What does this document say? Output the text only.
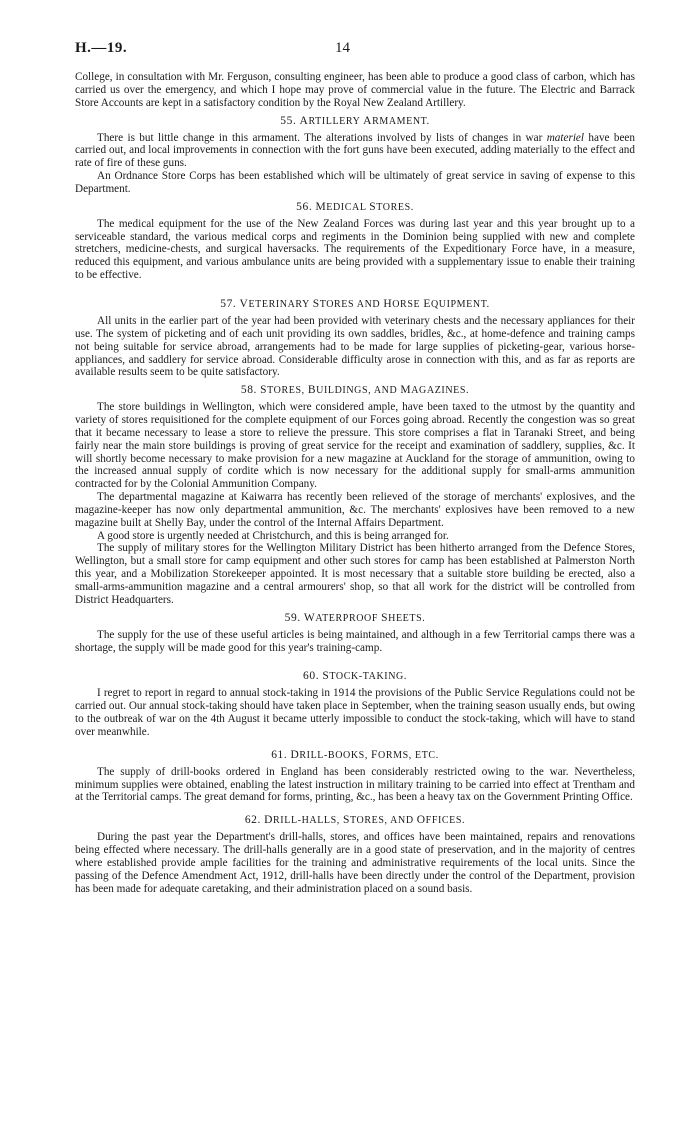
H.—19.	14

College, in consultation with Mr. Ferguson, consulting engineer, has been able to produce a good class of carbon, which has carried us over the emergency, and which I hope may prove of commercial value in the future. The Electric and Barrack Store Accounts are kept in a satisfactory condition by the Royal New Zealand Artillery.

55. ARTILLERY ARMAMENT.

There is but little change in this armament. The alterations involved by lists of changes in war materiel have been carried out, and local improvements in connection with the fort guns have been executed, adding materially to the effect and rate of fire of these guns.

An Ordnance Store Corps has been established which will be ultimately of great service in saving of expense to this Department.

56. MEDICAL STORES.

The medical equipment for the use of the New Zealand Forces was during last year and this year brought up to a serviceable standard, the various medical corps and regiments in the Dominion being supplied with new and complete stretchers, medicine-chests, and surgical haversacks. The requirements of the Expeditionary Force have, in a measure, reduced this equipment, and various ambulance units are being provided with a supplementary issue to enable their training to be effective.

57. VETERINARY STORES AND HORSE EQUIPMENT.

All units in the earlier part of the year had been provided with veterinary chests and the necessary appliances for their use. The system of picketing and of each unit providing its own saddles, bridles, &c., at home-defence and training camps not being suitable for service abroad, arrangements had to be made for large supplies of picketing-gear, various horse-appliances, and saddlery for service abroad. Considerable difficulty arose in connection with this, and as far as reports are available results seem to be quite satisfactory.

58. STORES, BUILDINGS, AND MAGAZINES.

The store buildings in Wellington, which were considered ample, have been taxed to the utmost by the quantity and variety of stores requisitioned for the complete equipment of our Forces going abroad. Recently the congestion was so great that it became necessary to lease a store to relieve the pressure. This store comprises a flat in Taranaki Street, and being fairly near the main store buildings is proving of great service for the receipt and examination of saddlery, supplies, &c. It will shortly become necessary to make provision for a new magazine at Auckland for the storage of ammunition, owing to the increased annual supply of cordite which is now necessary for the additional supply for small-arms ammunition contracted for by the Colonial Ammunition Company.

The departmental magazine at Kaiwarra has recently been relieved of the storage of merchants' explosives, and the magazine-keeper has now only departmental ammunition, &c. The merchants' explosives have been removed to a new magazine built at Shelly Bay, under the control of the Internal Affairs Department.

A good store is urgently needed at Christchurch, and this is being arranged for.

The supply of military stores for the Wellington Military District has been hitherto arranged from the Defence Stores, Wellington, but a small store for camp equipment and other such stores for camp has been established at Palmerston North this year, and a Mobilization Storekeeper appointed. It is most necessary that a suitable store building be erected, also a small-arms-ammunition magazine and a central armourers' shop, so that all work for the district will be controlled from District Headquarters.

59. WATERPROOF SHEETS.

The supply for the use of these useful articles is being maintained, and although in a few Territorial camps there was a shortage, the supply will be made good for this year's training-camp.

60. STOCK-TAKING.

I regret to report in regard to annual stock-taking in 1914 the provisions of the Public Service Regulations could not be carried out. Our annual stock-taking should have taken place in September, when the training season usually ends, but owing to the outbreak of war on the 4th August it became utterly impossible to conduct the stock-taking, which will have to stand over meanwhile.

61. DRILL-BOOKS, FORMS, ETC.

The supply of drill-books ordered in England has been considerably restricted owing to the war. Nevertheless, minimum supplies were obtained, enabling the latest instruction in military training to be carried into effect at Trentham and at the Territorial camps. The great demand for forms, printing, &c., has been a heavy tax on the Government Printing Office.

62. DRILL-HALLS, STORES, AND OFFICES.

During the past year the Department's drill-halls, stores, and offices have been maintained, repairs and renovations being effected where necessary. The drill-halls generally are in a good state of preservation, and in the majority of centres where established provide ample facilities for the training and administrative requirements of the local units. Since the passing of the Defence Amendment Act, 1912, drill-halls have been directly under the control of the Department, provision has been made for adequate caretaking, and their administration placed on a sound basis.
